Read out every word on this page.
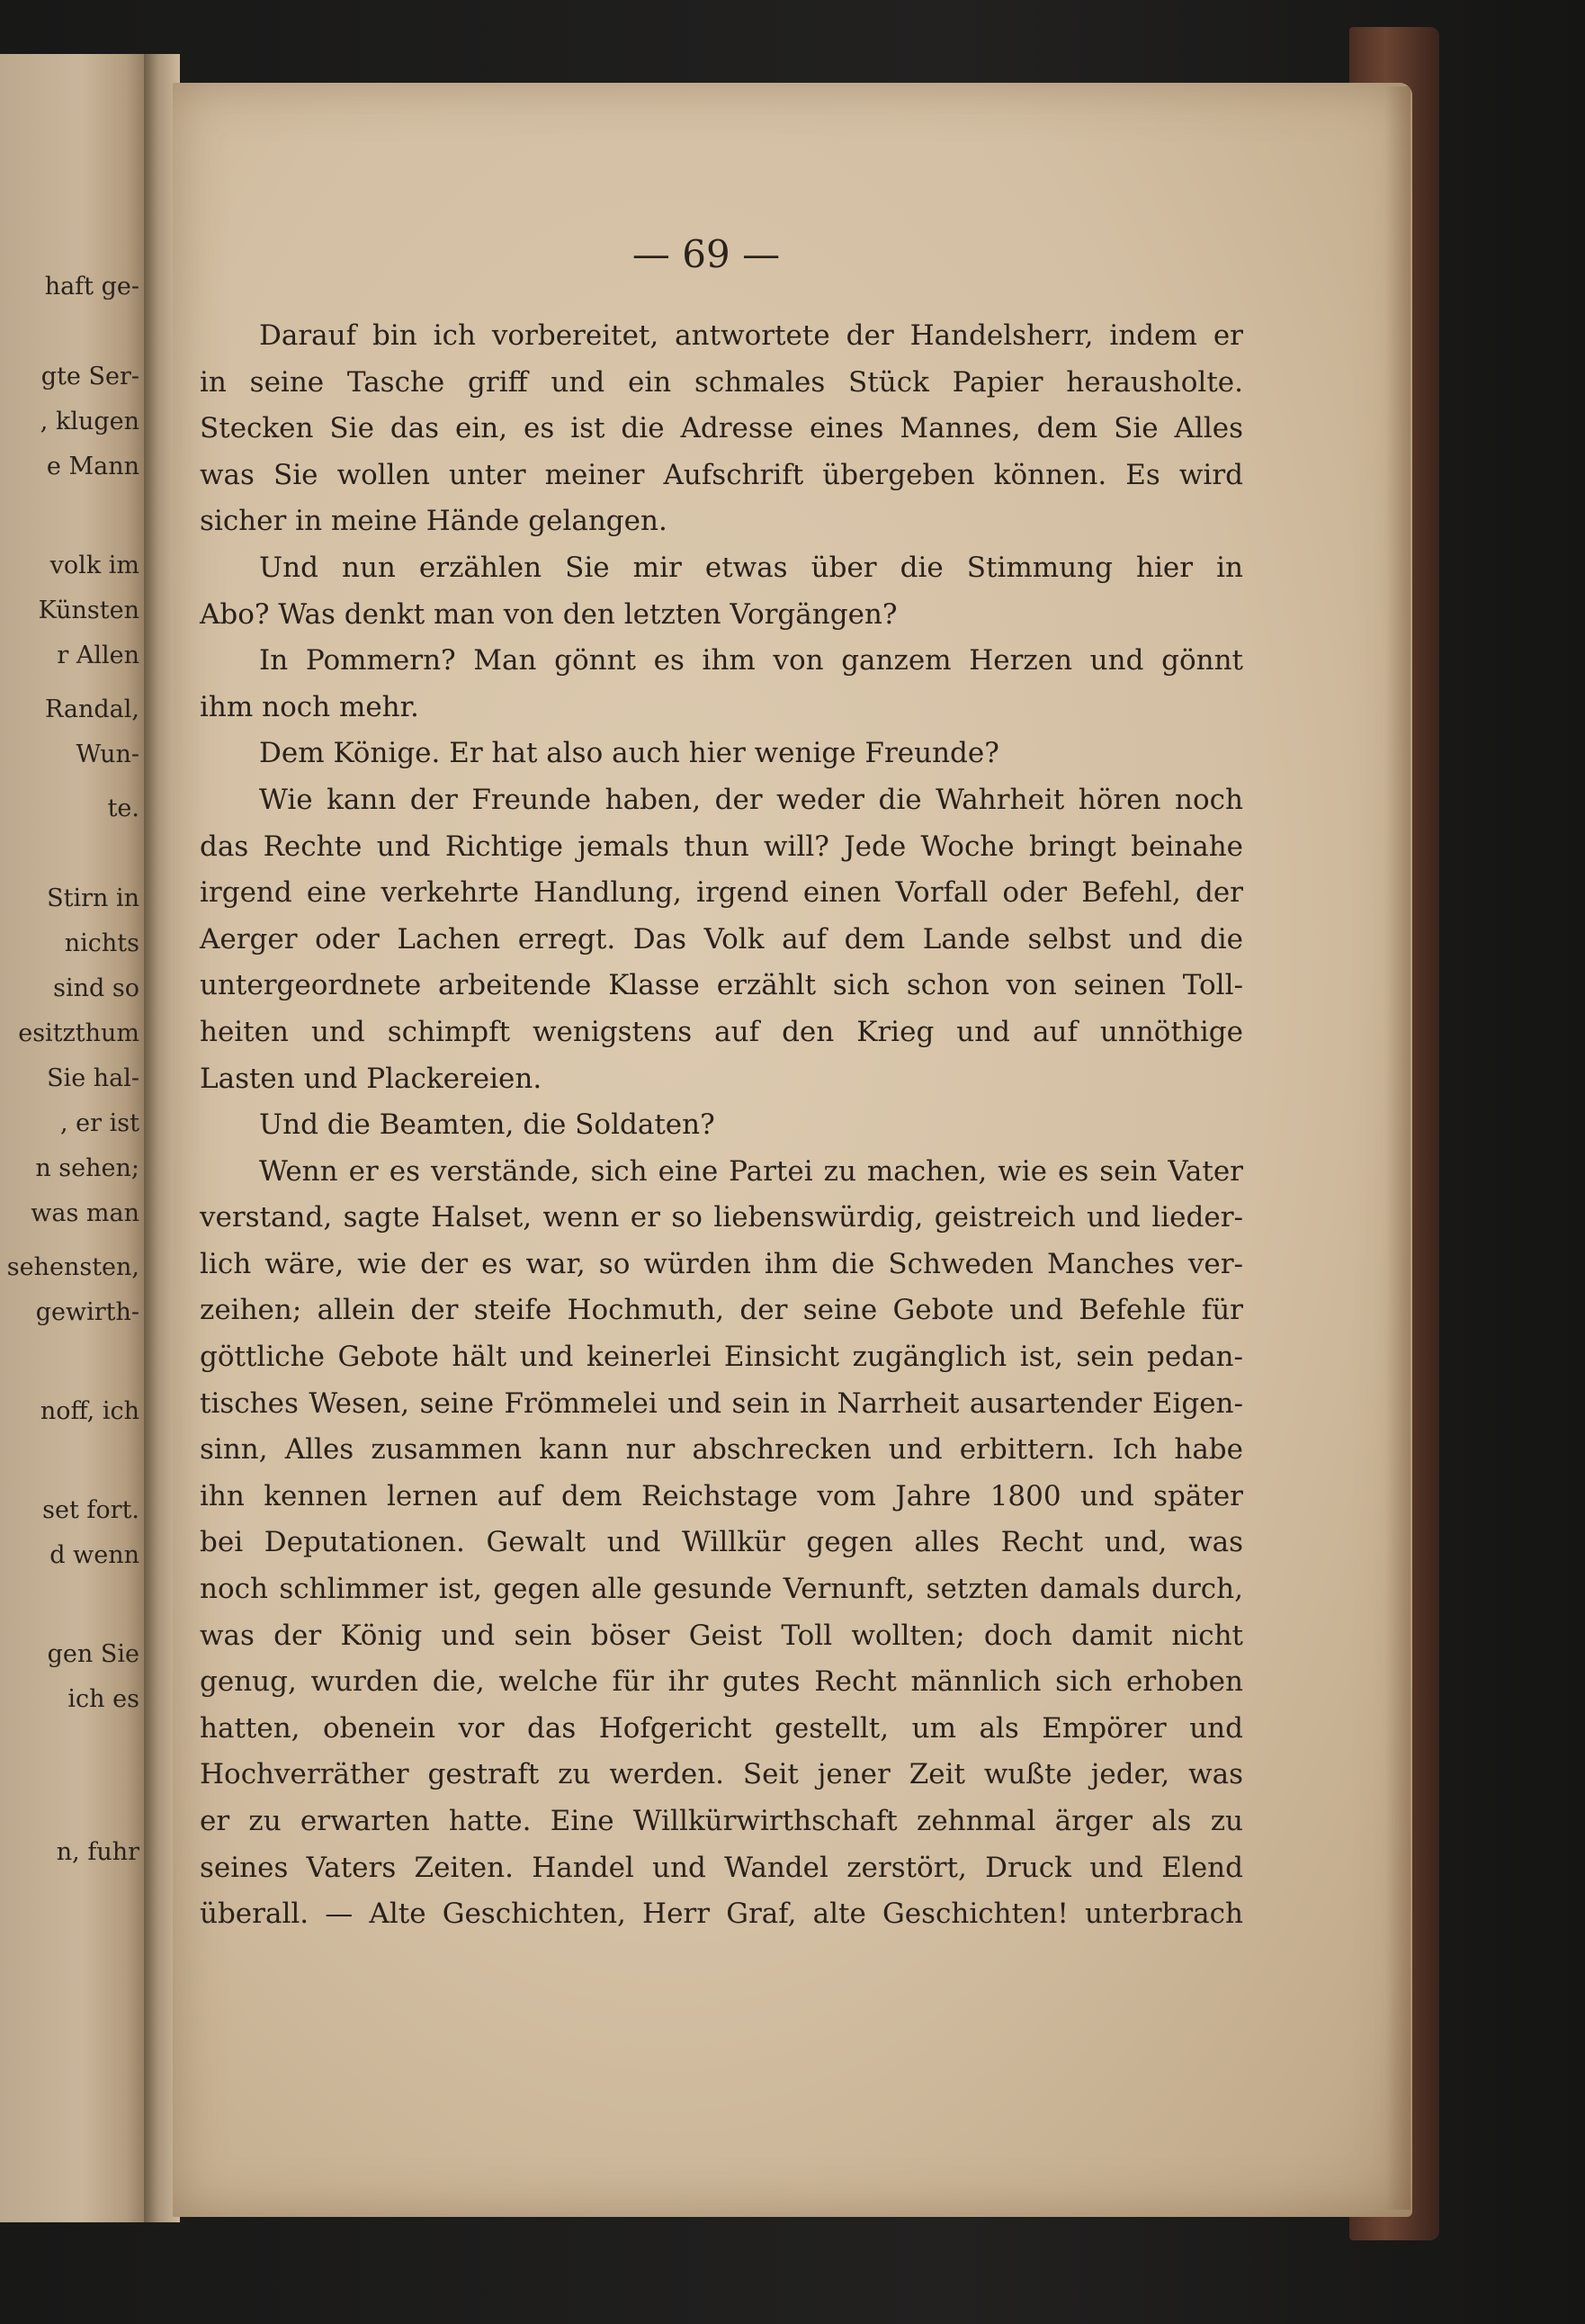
haft ge-
gte Ser-
, klugen
e Mann
volk im
Künsten
r Allen
Randal,
Wun-
te.
Stirn in
nichts
sind so
esitzthum
Sie hal-
, er ist
n sehen;
was man
sehensten,
gewirth-
noff, ich
set fort.
d wenn
gen Sie
ich es
n, fuhr
— 69 —
Darauf bin ich vorbereitet, antwortete der Handelsherr, indem er
in seine Tasche griff und ein schmales Stück Papier herausholte.
Stecken Sie das ein, es ist die Adresse eines Mannes, dem Sie Alles
was Sie wollen unter meiner Aufschrift übergeben können. Es wird
sicher in meine Hände gelangen.
Und nun erzählen Sie mir etwas über die Stimmung hier in
Abo? Was denkt man von den letzten Vorgängen?
In Pommern? Man gönnt es ihm von ganzem Herzen und gönnt
ihm noch mehr.
Dem Könige. Er hat also auch hier wenige Freunde?
Wie kann der Freunde haben, der weder die Wahrheit hören noch
das Rechte und Richtige jemals thun will? Jede Woche bringt beinahe
irgend eine verkehrte Handlung, irgend einen Vorfall oder Befehl, der
Aerger oder Lachen erregt. Das Volk auf dem Lande selbst und die
untergeordnete arbeitende Klasse erzählt sich schon von seinen Toll-
heiten und schimpft wenigstens auf den Krieg und auf unnöthige
Lasten und Plackereien.
Und die Beamten, die Soldaten?
Wenn er es verstände, sich eine Partei zu machen, wie es sein Vater
verstand, sagte Halset, wenn er so liebenswürdig, geistreich und lieder-
lich wäre, wie der es war, so würden ihm die Schweden Manches ver-
zeihen; allein der steife Hochmuth, der seine Gebote und Befehle für
göttliche Gebote hält und keinerlei Einsicht zugänglich ist, sein pedan-
tisches Wesen, seine Frömmelei und sein in Narrheit ausartender Eigen-
sinn, Alles zusammen kann nur abschrecken und erbittern. Ich habe
ihn kennen lernen auf dem Reichstage vom Jahre 1800 und später
bei Deputationen. Gewalt und Willkür gegen alles Recht und, was
noch schlimmer ist, gegen alle gesunde Vernunft, setzten damals durch,
was der König und sein böser Geist Toll wollten; doch damit nicht
genug, wurden die, welche für ihr gutes Recht männlich sich erhoben
hatten, obenein vor das Hofgericht gestellt, um als Empörer und
Hochverräther gestraft zu werden. Seit jener Zeit wußte jeder, was
er zu erwarten hatte. Eine Willkürwirthschaft zehnmal ärger als zu
seines Vaters Zeiten. Handel und Wandel zerstört, Druck und Elend
überall. — Alte Geschichten, Herr Graf, alte Geschichten! unterbrach
